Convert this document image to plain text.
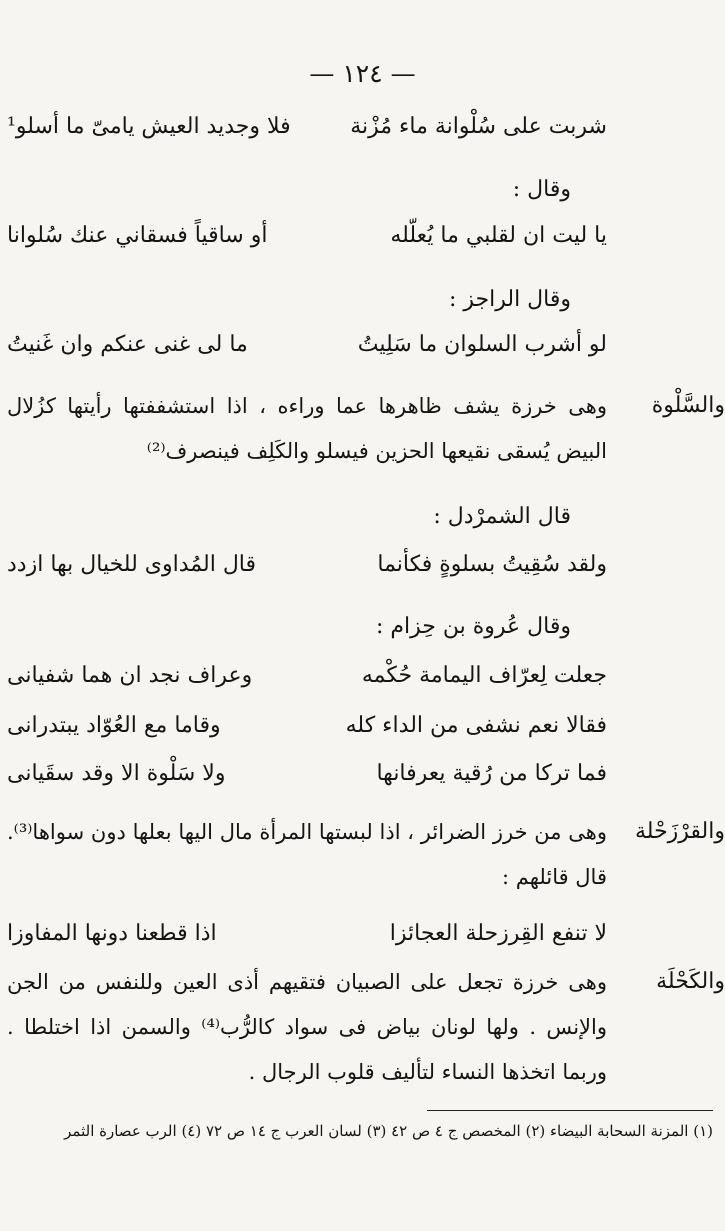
— ١٢٤ —
شربت على سُلْوانة ماء مُزْنة
فلا وجديد العيش يامىّ ما أسلو¹
وقال :
يا ليت ان لقلبي ما يُعلّله
أو ساقياً فسقاني عنك سُلوانا
وقال الراجز :
لو أشرب السلوان ما سَلِيتُ
ما لى غنى عنكم وان غَنيتُ
والسَّلْوة
وهى خرزة يشف ظاهرها عما وراءه ، اذا استشففتها رأيتها كزُلال البيض يُسقى نقيعها الحزين فيسلو والكَلِف فينصرف⁽²⁾
قال الشمرْدل :
ولقد سُقِيتُ بسلوةٍ فكأنما
قال المُداوى للخيال بها ازدد
وقال عُروة بن حِزام :
جعلت لِعرّاف اليمامة حُكْمه
وعراف نجد ان هما شفيانى
فقالا نعم نشفى من الداء كله
وقاما مع العُوّاد يبتدرانى
فما تركا من رُقية يعرفانها
ولا سَلْوة الا وقد سقَيانى
والقرْزَحْلة
وهى من خرز الضرائر ، اذا لبستها المرأة مال اليها بعلها دون سواها⁽³⁾. قال قائلهم :
لا تنفع القِرزحلة العجائزا
اذا قطعنا دونها المفاوزا
والكَحْلَة
وهى خرزة تجعل على الصبيان فتقيهم أذى العين وللنفس من الجن والإنس . ولها لونان بياض فى سواد كالرُّب⁽⁴⁾ والسمن اذا اختلطا . وربما اتخذها النساء لتأليف قلوب الرجال .
(١) المزنة السحابة البيضاء (٢) المخصص ج ٤ ص ٤٢ (٣) لسان العرب ج ١٤ ص ٧٢ (٤) الرب عصارة الثمر
